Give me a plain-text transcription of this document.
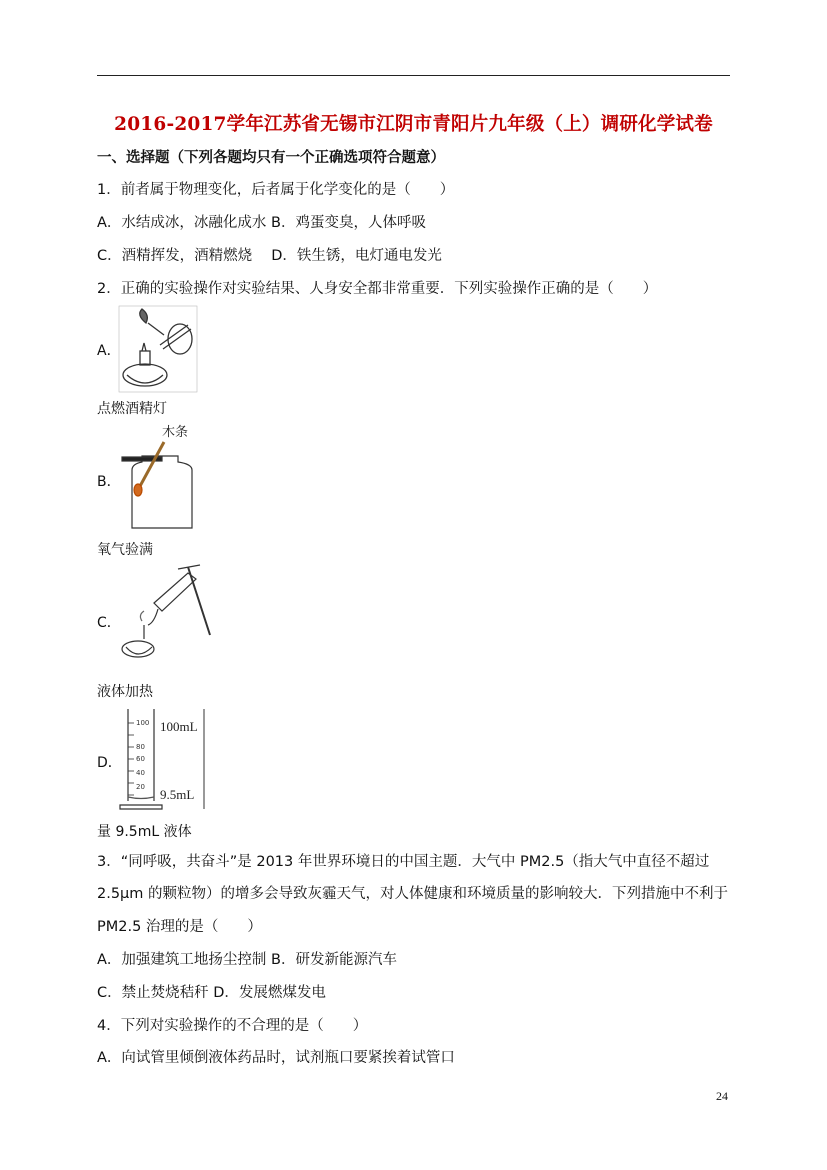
2016-2017学年江苏省无锡市江阴市青阳片九年级（上）调研化学试卷
一、选择题（下列各题均只有一个正确选项符合题意）
1．前者属于物理变化，后者属于化学变化的是（　　）
A．水结成冰，冰融化成水 B．鸡蛋变臭，人体呼吸
C．酒精挥发，酒精燃烧　 D．铁生锈，电灯通电发光
2．正确的实验操作对实验结果、人身安全都非常重要．下列实验操作正确的是（　　）
A．
点燃酒精灯
B．
木条
氧气验满
C．
液体加热
D．
100
80
60
40
20
100mL
9.5mL
量 9.5mL 液体
3．“同呼吸，共奋斗”是 2013 年世界环境日的中国主题．大气中 PM2.5（指大气中直径不超过
2.5μm 的颗粒物）的增多会导致灰霾天气，对人体健康和环境质量的影响较大．下列措施中不利于
PM2.5 治理的是（　　）
A．加强建筑工地扬尘控制 B．研发新能源汽车
C．禁止焚烧秸秆 D．发展燃煤发电
4．下列对实验操作的不合理的是（　　）
A．向试管里倾倒液体药品时，试剂瓶口要紧挨着试管口
24
